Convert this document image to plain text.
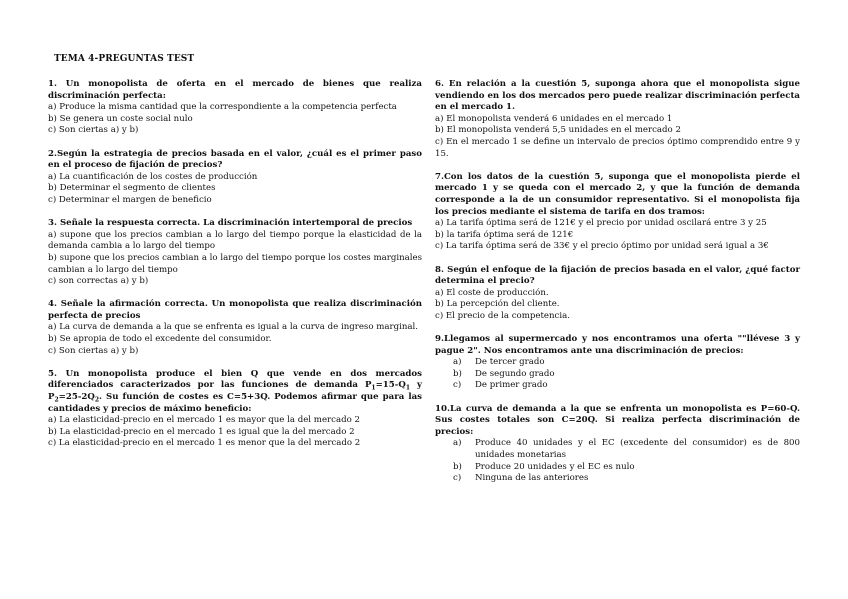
TEMA 4-PREGUNTAS TEST
1. Un monopolista de oferta en el mercado de bienes que realiza discriminación perfecta:
a) Produce la misma cantidad que la correspondiente a la competencia perfecta
b) Se genera un coste social nulo
c) Son ciertas a) y b)
2.Según la estrategia de precios basada en el valor, ¿cuál es el primer paso en el proceso de fijación de precios?
a) La cuantificación de los costes de producción
b) Determinar el segmento de clientes
c) Determinar el margen de beneficio
3. Señale la respuesta correcta. La discriminación intertemporal de precios
a) supone que los precios cambian a lo largo del tiempo porque la elasticidad de la demanda cambia a lo largo del tiempo
b) supone que los precios cambian a lo largo del tiempo porque los costes marginales cambian a lo largo del tiempo
c) son correctas a) y b)
4. Señale la afirmación correcta. Un monopolista que realiza discriminación perfecta de precios
a) La curva de demanda a la que se enfrenta es igual a la curva de ingreso marginal.
b) Se apropia de todo el excedente del consumidor.
c) Son ciertas a) y b)
5. Un monopolista produce el bien Q que vende en dos mercados diferenciados caracterizados por las funciones de demanda $P_1=15-Q_1$ y $P_2=25-2Q_2$. Su función de costes es C=5+3Q. Podemos afirmar que para las cantidades y precios de máximo beneficio:
a) La elasticidad-precio en el mercado 1 es mayor que la del mercado 2
b) La elasticidad-precio en el mercado 1 es igual que la del mercado 2
c) La elasticidad-precio en el mercado 1 es menor que la del mercado 2
6. En relación a la cuestión 5, suponga ahora que el monopolista sigue vendiendo en los dos mercados pero puede realizar discriminación perfecta en el mercado 1.
a) El monopolista venderá 6 unidades en el mercado 1
b) El monopolista venderá 5,5 unidades en el mercado 2
c) En el mercado 1 se define un intervalo de precios óptimo comprendido entre 9 y 15.
7.Con los datos de la cuestión 5, suponga que el monopolista pierde el mercado 1 y se queda con el mercado 2, y que la función de demanda corresponde a la de un consumidor representativo. Si el monopolista fija los precios mediante el sistema de tarifa en dos tramos:
a) La tarifa óptima será de 121€ y el precio por unidad oscilará entre 3 y 25
b) la tarifa óptima será de 121€
c) La tarifa óptima será de 33€ y el precio óptimo por unidad será igual a 3€
8. Según el enfoque de la fijación de precios basada en el valor, ¿qué factor determina el precio?
a) El coste de producción.
b) La percepción del cliente.
c) El precio de la competencia.
9.Llegamos al supermercado y nos encontramos una oferta ""llévese 3 y pague 2". Nos encontramos ante una discriminación de precios:
a)	De tercer grado
b)	De segundo grado
c)	De primer grado
10.La curva de demanda a la que se enfrenta un monopolista es P=60-Q. Sus costes totales son C=20Q. Si realiza perfecta discriminación de precios:
a)	Produce 40 unidades y el EC (excedente del consumidor) es de 800 unidades monetarias
b)	Produce 20 unidades y el EC es nulo
c)	Ninguna de las anteriores
